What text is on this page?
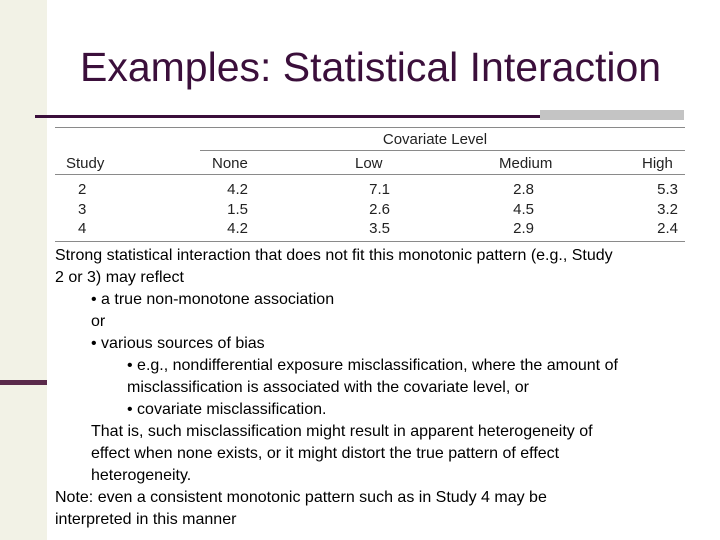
Examples: Statistical Interaction
Covariate Level
Study	None	Low	Medium	High
2	4.2	7.1	2.8	5.3
3	1.5	2.6	4.5	3.2
4	4.2	3.5	2.9	2.4
Strong statistical interaction that does not fit this monotonic pattern (e.g., Study
2 or 3) may reflect
• a true non-monotone association
or
• various sources of bias
• e.g., nondifferential exposure misclassification, where the amount of
misclassification is associated with the covariate level, or
• covariate misclassification.
That is, such misclassification might result in apparent heterogeneity of
effect when none exists, or it might distort the true pattern of effect
heterogeneity.
Note: even a consistent monotonic pattern such as in Study 4 may be
interpreted in this manner
